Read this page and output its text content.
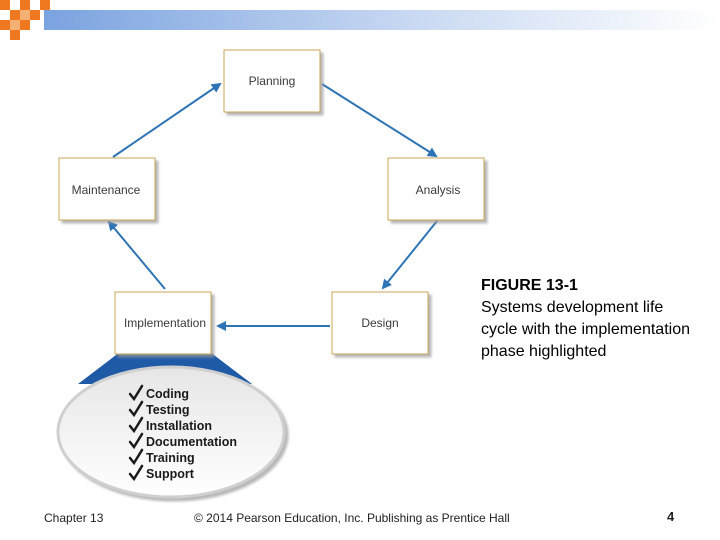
Planning
Maintenance	Analysis
Implementation	Design
Coding
Testing
Installation
Documentation
Training
Support
FIGURE 13-1
Systems development life cycle with the implementation phase highlighted
Chapter 13	© 2014 Pearson Education, Inc. Publishing as Prentice Hall	4
